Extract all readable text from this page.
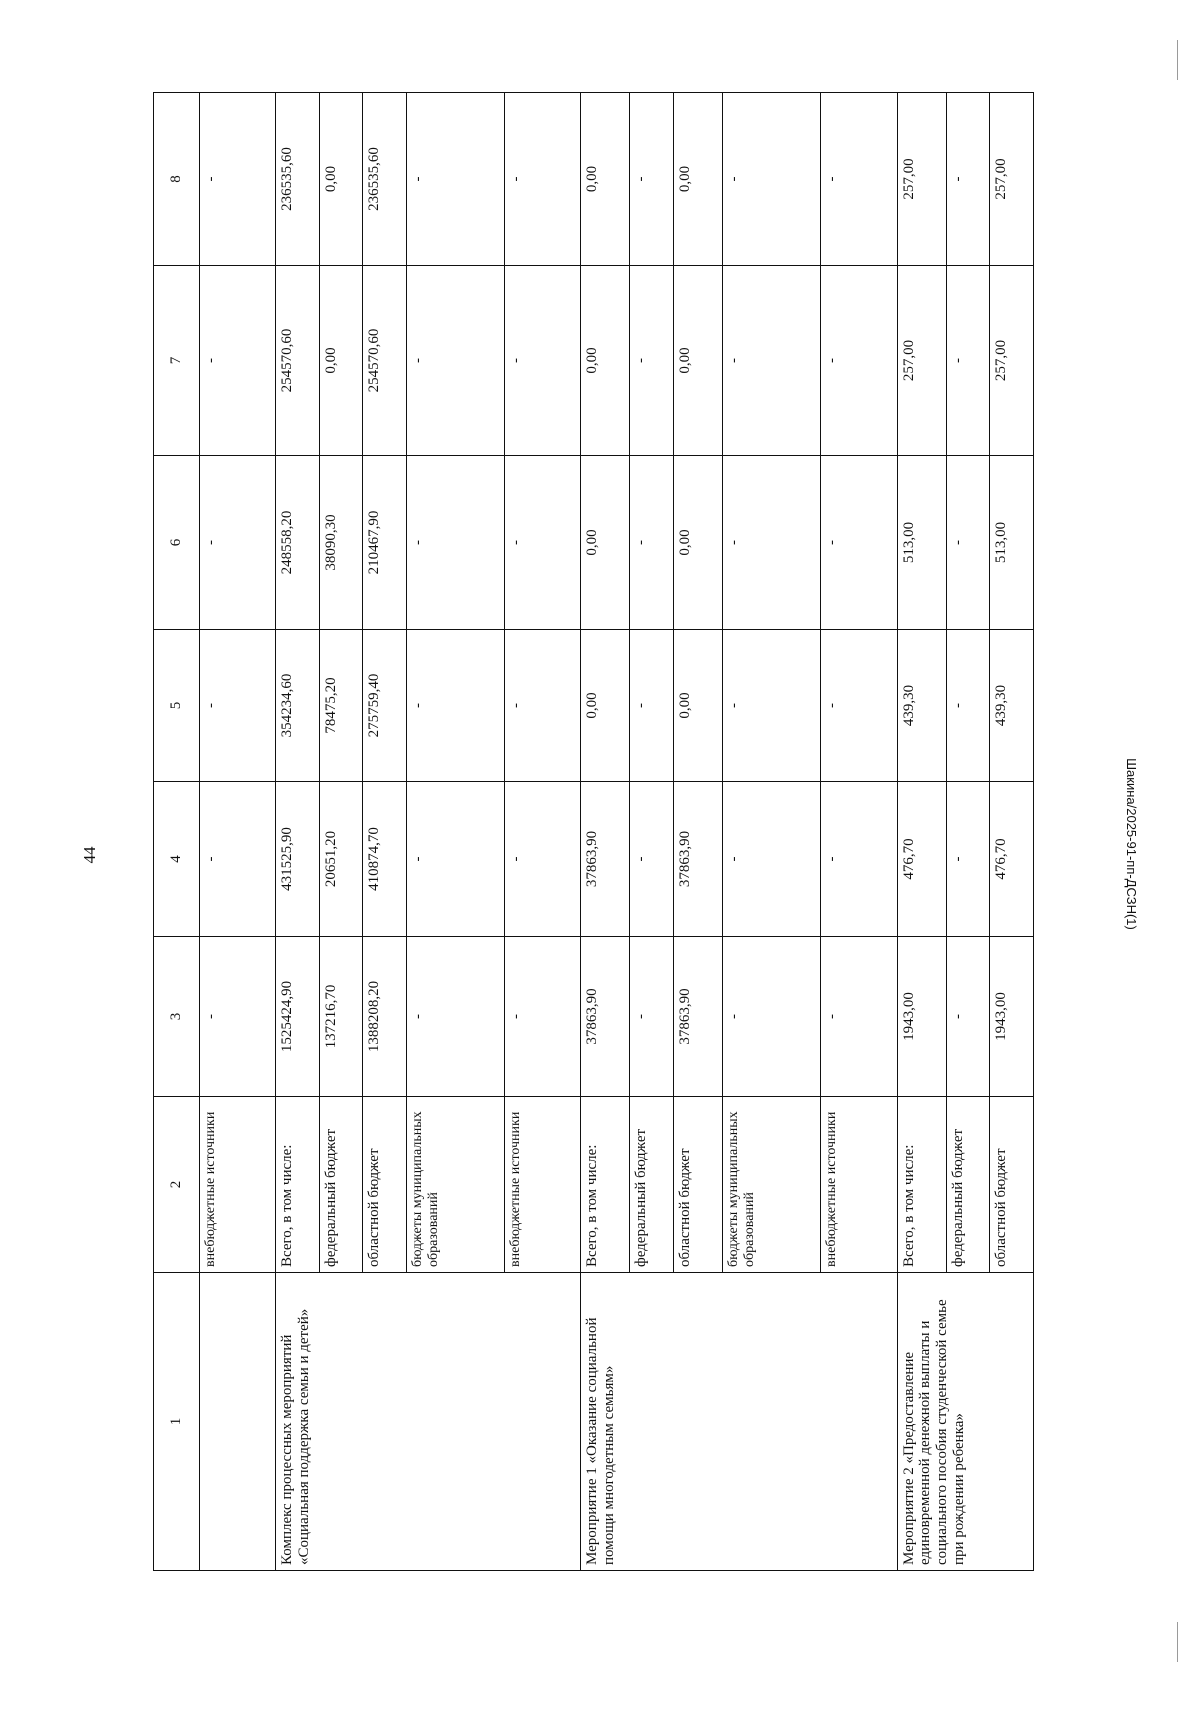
44	Шакина/2025-91-пп-ДСЗН(1)
1	2	3	4	5	6	7	8
	внебюджетные источники	-	-	-	-	-	-
Комплекс процессных мероприятий «Социальная поддержка семьи и детей»	Всего, в том числе:	1525424,90	431525,90	354234,60	248558,20	254570,60	236535,60
	федеральный бюджет	137216,70	20651,20	78475,20	38090,30	0,00	0,00
	областной бюджет	1388208,20	410874,70	275759,40	210467,90	254570,60	236535,60
	бюджеты муниципальных образований	-	-	-	-	-	-
	внебюджетные источники	-	-	-	-	-	-
Мероприятие 1 «Оказание социальной помощи многодетным семьям»	Всего, в том числе:	37863,90	37863,90	0,00	0,00	0,00	0,00
	федеральный бюджет	-	-	-	-	-	-
	областной бюджет	37863,90	37863,90	0,00	0,00	0,00	0,00
	бюджеты муниципальных образований	-	-	-	-	-	-
	внебюджетные источники	-	-	-	-	-	-
Мероприятие 2 «Предоставление единовременной денежной выплаты и социального пособия студенческой семье при рождении ребенка»	Всего, в том числе:	1943,00	476,70	439,30	513,00	257,00	257,00
	федеральный бюджет	-	-	-	-	-	-
	областной бюджет	1943,00	476,70	439,30	513,00	257,00	257,00
